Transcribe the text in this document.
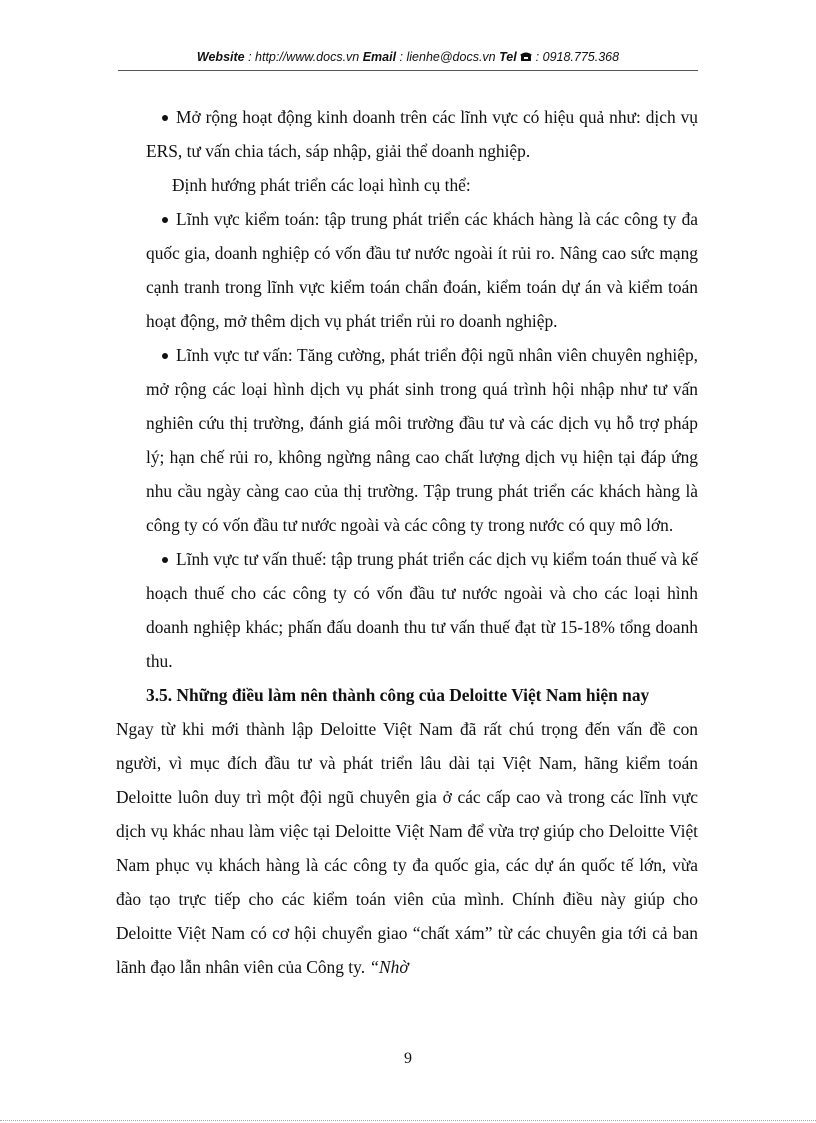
Website : http://www.docs.vn Email : lienhe@docs.vn Tel  : 0918.775.368

Mở rộng hoạt động kinh doanh trên các lĩnh vực có hiệu quả như: dịch vụ ERS, tư vấn chia tách, sáp nhập, giải thể doanh nghiệp.

Định hướng phát triển các loại hình cụ thể:

Lĩnh vực kiểm toán: tập trung phát triển các khách hàng là các công ty đa quốc gia, doanh nghiệp có vốn đầu tư nước ngoài ít rủi ro. Nâng cao sức mạng cạnh tranh trong lĩnh vực kiểm toán chẩn đoán, kiểm toán dự án và kiểm toán hoạt động, mở thêm dịch vụ phát triển rủi ro doanh nghiệp.

Lĩnh vực tư vấn: Tăng cường, phát triển đội ngũ nhân viên chuyên nghiệp, mở rộng các loại hình dịch vụ phát sinh trong quá trình hội nhập như tư vấn nghiên cứu thị trường, đánh giá môi trường đầu tư và các dịch vụ hỗ trợ pháp lý; hạn chế rủi ro, không ngừng nâng cao chất lượng dịch vụ hiện tại đáp ứng nhu cầu ngày càng cao của thị trường. Tập trung phát triển các khách hàng là công ty có vốn đầu tư nước ngoài và các công ty trong nước có quy mô lớn.

Lĩnh vực tư vấn thuế: tập trung phát triển các dịch vụ kiểm toán thuế và kế hoạch thuế cho các công ty có vốn đầu tư nước ngoài và cho các loại hình doanh nghiệp khác; phấn đấu doanh thu tư vấn thuế đạt từ 15-18% tổng doanh thu.

3.5. Những điều làm nên thành công của Deloitte Việt Nam hiện nay

Ngay từ khi mới thành lập Deloitte Việt Nam đã rất chú trọng đến vấn đề con người, vì mục đích đầu tư và phát triển lâu dài tại Việt Nam, hãng kiểm toán Deloitte luôn duy trì một đội ngũ chuyên gia ở các cấp cao và trong các lĩnh vực dịch vụ khác nhau làm việc tại Deloitte Việt Nam để vừa trợ giúp cho Deloitte Việt Nam phục vụ khách hàng là các công ty đa quốc gia, các dự án quốc tế lớn, vừa đào tạo trực tiếp cho các kiểm toán viên của mình. Chính điều này giúp cho Deloitte Việt Nam có cơ hội chuyển giao “chất xám” từ các chuyên gia tới cả ban lãnh đạo lẫn nhân viên của Công ty. “Nhờ

9
